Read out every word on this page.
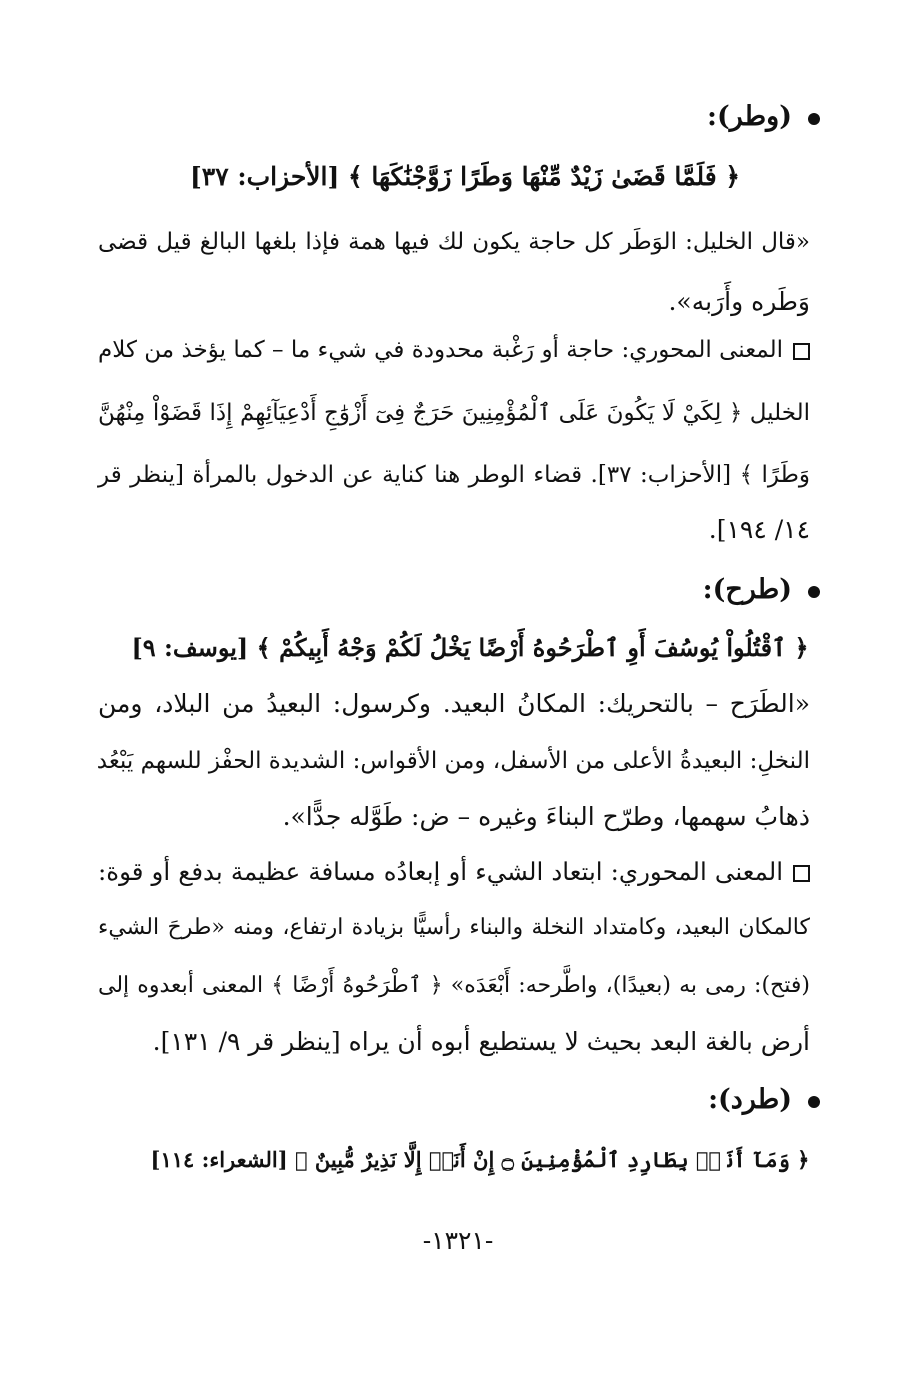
(وطر):
﴿ فَلَمَّا قَضَىٰ زَيْدٌ مِّنْهَا وَطَرًا زَوَّجْنَٰكَهَا ﴾ [الأحزاب: ٣٧]
«قال الخليل: الوَطَر كل حاجة يكون لك فيها همة فإذا بلغها البالغ قيل قضى
وَطَره وأَرَبه».
المعنى المحوري: حاجة أو رَغْبة محدودة في شيء ما – كما يؤخذ من كلام
الخليل ﴿ لِكَيْ لَا يَكُونَ عَلَى ٱلْمُؤْمِنِينَ حَرَجٌ فِىٓ أَزْوَٰجِ أَدْعِيَآئِهِمْ إِذَا قَضَوْاْ مِنْهُنَّ
وَطَرًا ﴾ [الأحزاب: ٣٧]. قضاء الوطر هنا كناية عن الدخول بالمرأة [ينظر قر
١٤/ ١٩٤].
(طرح):
﴿ ٱقْتُلُواْ يُوسُفَ أَوِ ٱطْرَحُوهُ أَرْضًا يَخْلُ لَكُمْ وَجْهُ أَبِيكُمْ ﴾ [يوسف: ٩]
«الطَرَح – بالتحريك: المكانُ البعيد. وكرسول: البعيدُ من البلاد، ومن
النخلِ: البعيدةُ الأعلى من الأسفل، ومن الأقواس: الشديدة الحفْز للسهم يَبْعُد
ذهابُ سهمها، وطرّح البناءَ وغيره – ض: طَوَّله جدًّا».
المعنى المحوري: ابتعاد الشيء أو إبعادُه مسافة عظيمة بدفع أو قوة:
كالمكان البعيد، وكامتداد النخلة والبناء رأسيًّا بزيادة ارتفاع، ومنه «طرحَ الشيء
(فتح): رمى به (بعيدًا)، واطَّرحه: أَبْعَدَه» ﴿ ٱطْرَحُوهُ أَرْضًا ﴾ المعنى أبعدوه إلى
أرض بالغة البعد بحيث لا يستطيع أبوه أن يراه [ينظر قر ٩/ ١٣١].
(طرد):
﴿ وَمَآ أَنَا۠ بِطَارِدِ ٱلْمُؤْمِنِينَ ۝ إِنْ أَنَا۠ إِلَّا نَذِيرٌ مُّبِينٌ ﴾ [الشعراء: ١١٤]
-١٣٢١-
